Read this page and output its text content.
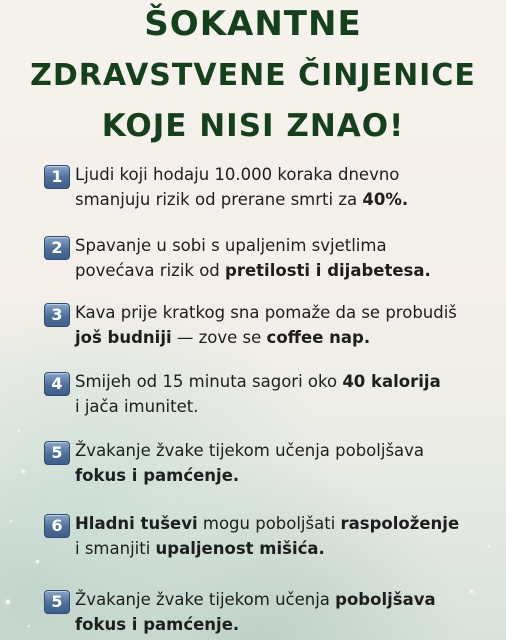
ŠOKANTNE
ZDRAVSTVENE ČINJENICE
KOJE NISI ZNAO!
1 Ljudi koji hodaju 10.000 koraka dnevno
smanjuju rizik od prerane smrti za 40%.
2 Spavanje u sobi s upaljenim svjetlima
povećava rizik od pretilosti i dijabetesa.
3 Kava prije kratkog sna pomaže da se probudiš
još budniji — zove se coffee nap.
4 Smijeh od 15 minuta sagori oko 40 kalorija
i jača imunitet.
5 Žvakanje žvake tijekom učenja poboljšava
fokus i pamćenje.
6 Hladni tuševi mogu poboljšati raspoloženje
i smanjiti upaljenost mišića.
5 Žvakanje žvake tijekom učenja poboljšava
fokus i pamćenje.
